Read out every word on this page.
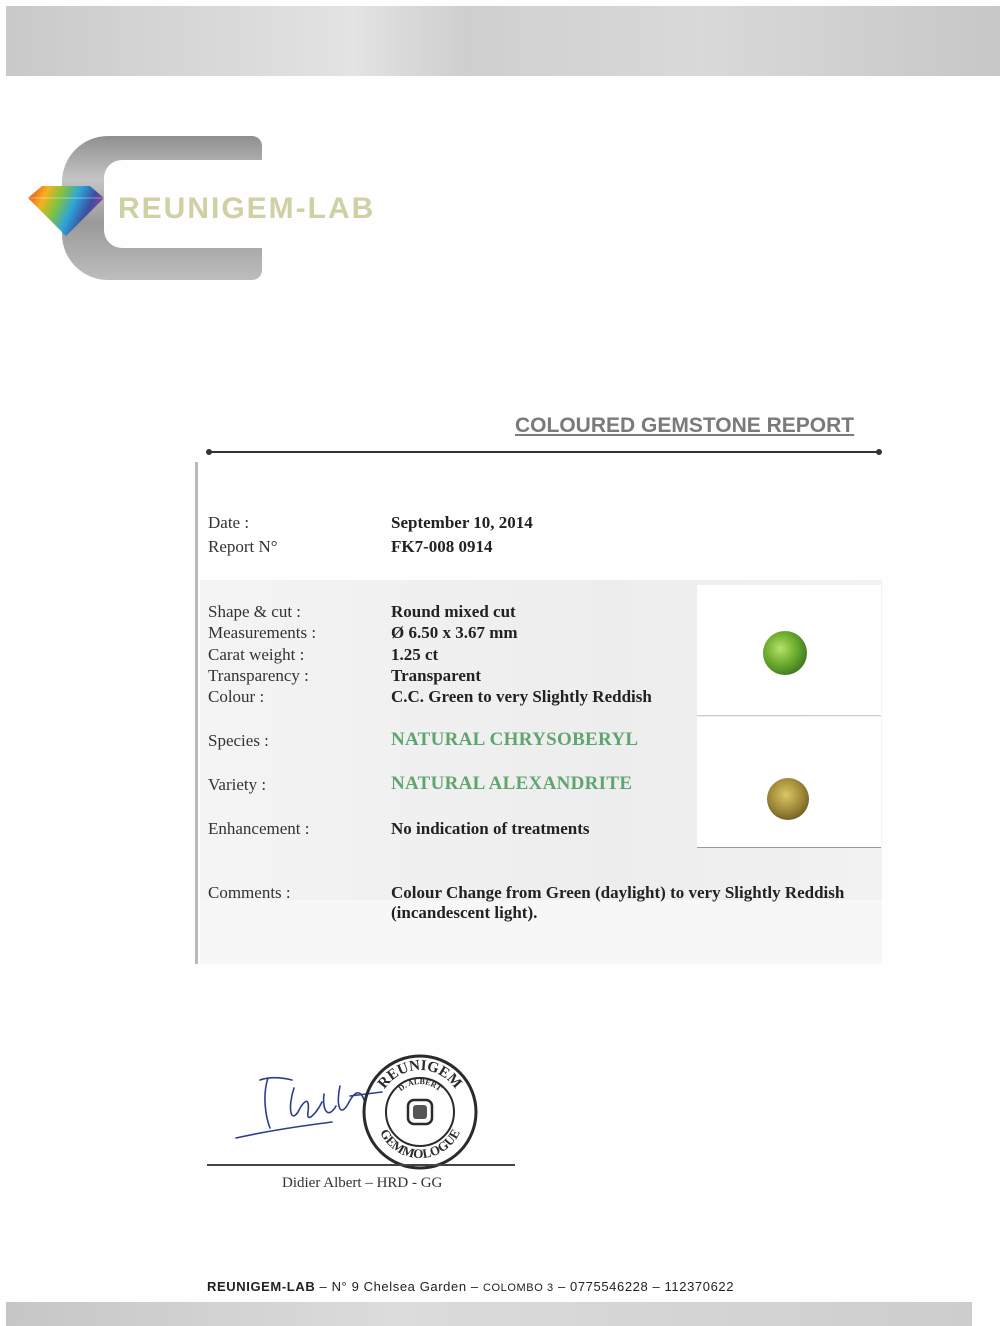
REUNIGEM-LAB
COLOURED GEMSTONE REPORT
Date :	September 10, 2014
Report N°	FK7-008 0914
Shape & cut :	Round mixed cut
Measurements :	Ø 6.50 x 3.67 mm
Carat weight :	1.25 ct
Transparency :	Transparent
Colour :	C.C. Green to very Slightly Reddish
Species :	NATURAL CHRYSOBERYL
Variety :	NATURAL ALEXANDRITE
Enhancement :	No indication of treatments
Comments :	Colour Change from Green (daylight) to very Slightly Reddish (incandescent light).
REUNIGEM
D. ALBERT
GEMMOLOGUE
Didier Albert – HRD - GG
REUNIGEM-LAB – N° 9 Chelsea Garden – COLOMBO 3 – 0775546228 – 112370622
